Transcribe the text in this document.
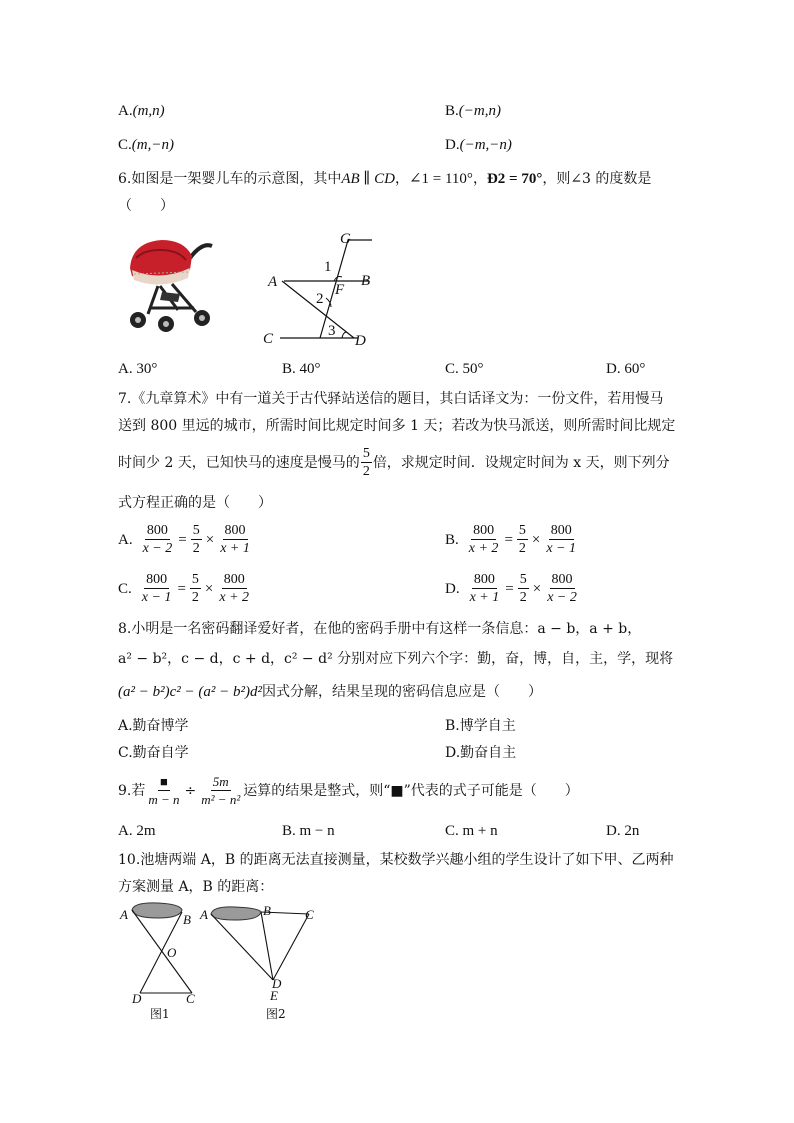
A.(m,n)	B.(−m,n)
C.(m,−n)	D.(−m,−n)
6.如图是一架婴儿车的示意图，其中AB ∥ CD，∠1 = 110°，Ð2 = 70°，则∠3 的度数是
（　　）
G
A	B
F
C	D
1
2
3
A. 30°	B. 40°	C. 50°	D. 60°
7.《九章算术》中有一道关于古代驿站送信的题目，其白话译文为：一份文件，若用慢马
送到 800 里远的城市，所需时间比规定时间多 1 天；若改为快马派送，则所需时间比规定
时间少 2 天，已知快马的速度是慢马的 $\frac{5}{2}$ 倍，求规定时间．设规定时间为 x 天，则下列分
式方程正确的是（　　）
A. $\frac{800}{x - 2} = \frac{5}{2} \times \frac{800}{x + 1}$	B. $\frac{800}{x + 2} = \frac{5}{2} \times \frac{800}{x - 1}$
C. $\frac{800}{x - 1} = \frac{5}{2} \times \frac{800}{x + 2}$	D. $\frac{800}{x + 1} = \frac{5}{2} \times \frac{800}{x - 2}$
8.小明是一名密码翻译爱好者，在他的密码手册中有这样一条信息：a − b，a + b，
a² − b²，c − d，c + d，c² − d² 分别对应下列六个字：勤，奋，博，自，主，学，现将
(a² − b²)c² − (a² − b²)d²因式分解，结果呈现的密码信息应是（　　）
A.勤奋博学	B.博学自主
C.勤奋自学	D.勤奋自主
9.若 $\frac{■}{m - n} \div \frac{5m}{\text{m² − n²}}$ 运算的结果是整式，则“■”代表的式子可能是（　　）
A. 2m	B. m − n	C. m + n	D. 2n
10.池塘两端 A，B 的距离无法直接测量，某校数学兴趣小组的学生设计了如下甲、乙两种
方案测量 A，B 的距离：
A	B
O
D	C
图1
A	B	C
D
E
图2
